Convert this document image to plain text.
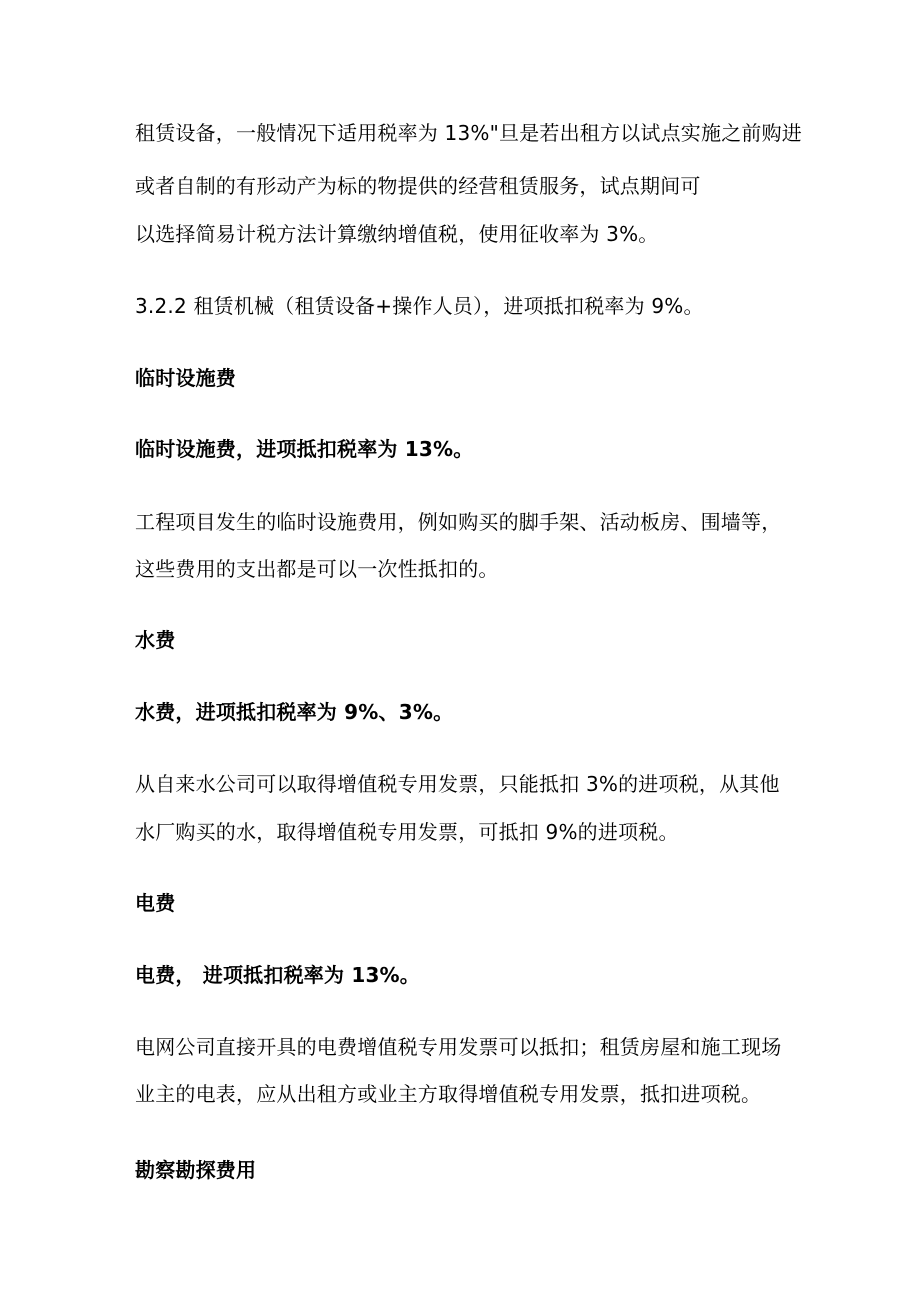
租赁设备，一般情况下适用税率为 13%"旦是若出租方以试点实施之前购进
或者自制的有形动产为标的物提供的经营租赁服务，试点期间可
以选择简易计税方法计算缴纳增值税，使用征收率为 3%。
3.2.2 租赁机械（租赁设备+操作人员），进项抵扣税率为 9%。
临时设施费
临时设施费，进项抵扣税率为 13%。
工程项目发生的临时设施费用，例如购买的脚手架、活动板房、围墙等，
这些费用的支出都是可以一次性抵扣的。
水费
水费，进项抵扣税率为 9%、3%。
从自来水公司可以取得增值税专用发票，只能抵扣 3%的进项税，从其他
水厂购买的水，取得增值税专用发票，可抵扣 9%的进项税。
电费
电费， 进项抵扣税率为 13%。
电网公司直接开具的电费增值税专用发票可以抵扣；租赁房屋和施工现场
业主的电表，应从出租方或业主方取得增值税专用发票，抵扣进项税。
勘察勘探费用
